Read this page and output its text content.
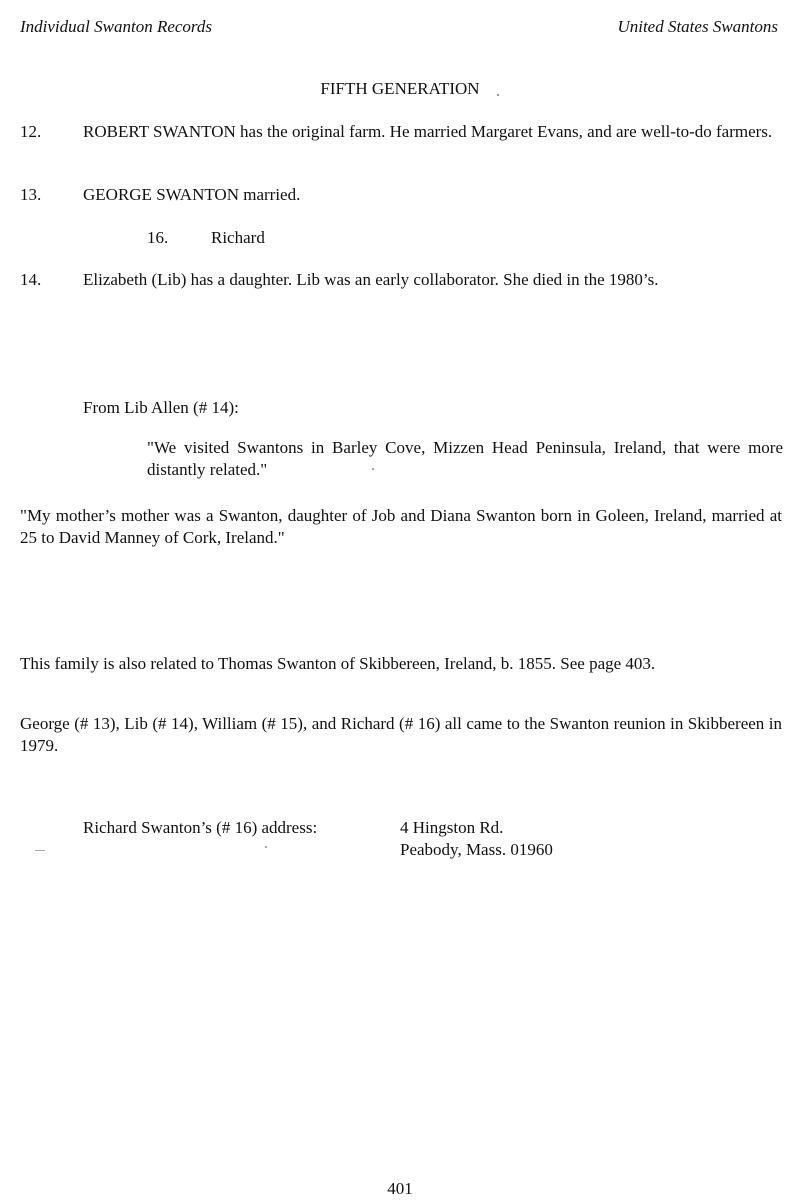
Individual Swanton Records	United States Swantons
FIFTH GENERATION
12. ROBERT SWANTON has the original farm. He married Margaret Evans, and are well-to-do farmers.
13. GEORGE SWANTON married.
16.	Richard
14. Elizabeth (Lib) has a daughter. Lib was an early collaborator. She died in the 1980’s.
From Lib Allen (# 14):
"We visited Swantons in Barley Cove, Mizzen Head Peninsula, Ireland, that were more distantly related."
"My mother’s mother was a Swanton, daughter of Job and Diana Swanton born in Goleen, Ireland, married at 25 to David Manney of Cork, Ireland."
This family is also related to Thomas Swanton of Skibbereen, Ireland, b. 1855. See page 403.
George (# 13), Lib (# 14), William (# 15), and Richard (# 16) all came to the Swanton reunion in Skibbereen in 1979.
Richard Swanton’s (# 16) address:	4 Hingston Rd.
Peabody, Mass. 01960
401
